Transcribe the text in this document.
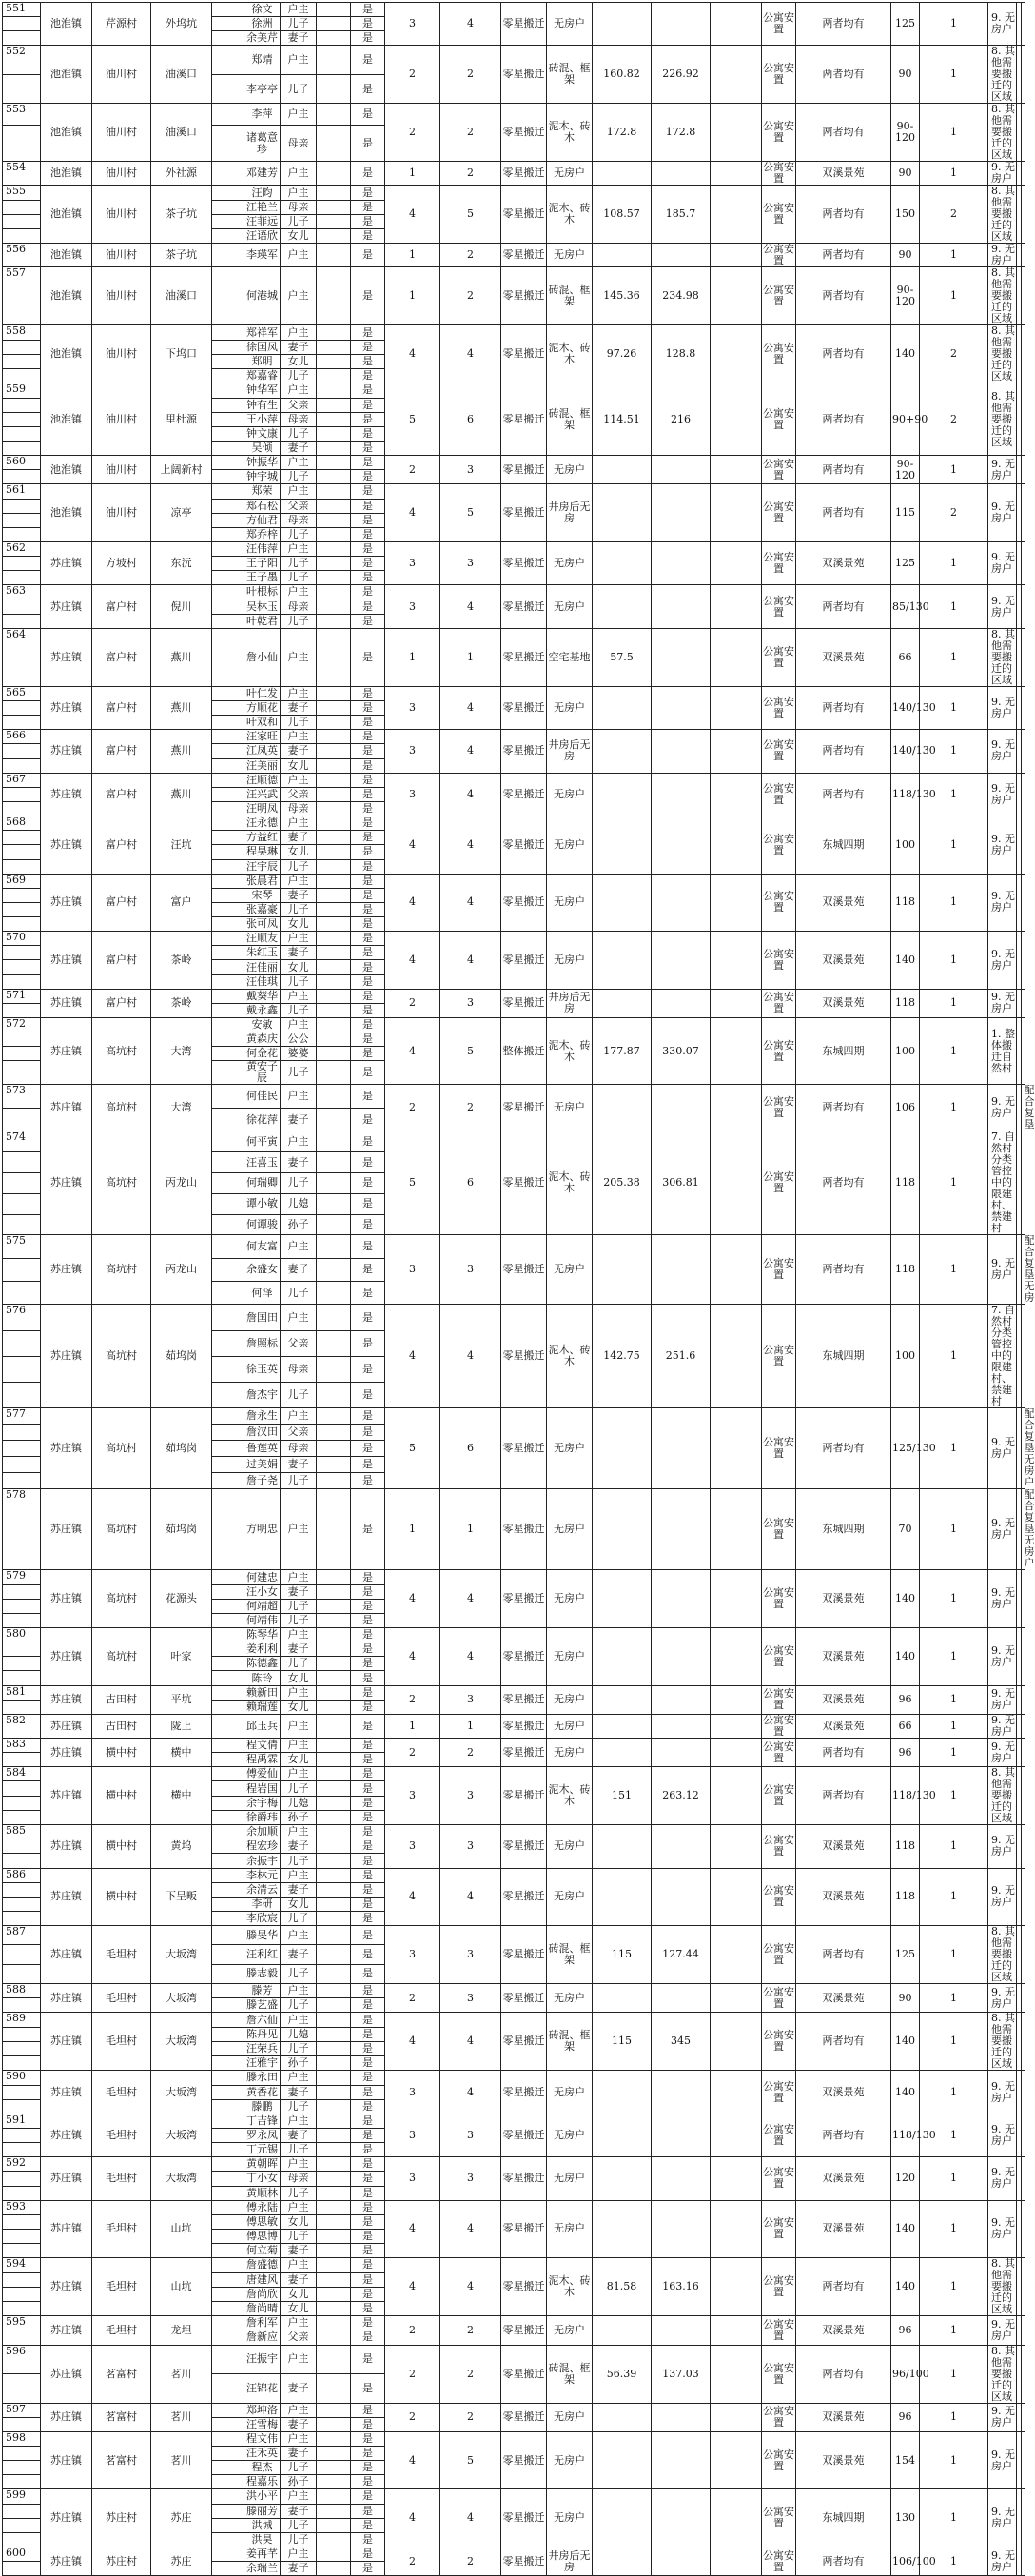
551	池淮镇	芹源村	外坞坑		徐文	户主		是	3	4	零星搬迁	无房户				公寓安置	两者均有	125	1	9. 无房户		
					徐洲	儿子		是														
					余美芹	妻子		是														
552	池淮镇	油川村	油溪口		郑靖	户主		是	2	2	零星搬迁	砖混、框架	160.82	226.92		公寓安置	两者均有	90	1	8. 其他需要搬迁的区域		
					李亭亭	儿子		是														
553	池淮镇	油川村	油溪口		李萍	户主		是	2	2	零星搬迁	泥木、砖木	172.8	172.8		公寓安置	两者均有	90-120	1	8. 其他需要搬迁的区域		
					诸葛意珍	母亲		是														
554	池淮镇	油川村	外社源		邓建芳	户主		是	1	2	零星搬迁	无房户				公寓安置	双溪景苑	90	1	9. 无房户		
555	池淮镇	油川村	茶子坑		汪昀	户主		是	4	5	零星搬迁	泥木、砖木	108.57	185.7		公寓安置	两者均有	150	2	8. 其他需要搬迁的区域		
					江艳兰	母亲		是														
					汪菲远	儿子		是														
					汪语欣	女儿		是														
556	池淮镇	油川村	茶子坑		李瑛军	户主		是	1	2	零星搬迁	无房户				公寓安置	两者均有	90	1	9. 无房户		
557	池淮镇	油川村	油溪口		何港城	户主		是	1	2	零星搬迁	砖混、框架	145.36	234.98		公寓安置	两者均有	90-120	1	8. 其他需要搬迁的区域		
558	池淮镇	油川村	下坞口		郑祥军	户主		是	4	4	零星搬迁	泥木、砖木	97.26	128.8		公寓安置	两者均有	140	2	8. 其他需要搬迁的区域		
					徐国凤	妻子		是														
					郑明	女儿		是														
					郑嘉睿	儿子		是														
559	池淮镇	油川村	里杜源		钟华军	户主		是	5	6	零星搬迁	砖混、框架	114.51	216		公寓安置	两者均有	90+90	2	8. 其他需要搬迁的区域		
					钟有生	父亲		是														
					王小萍	母亲		是														
					钟文康	儿子		是														
					吴倾	妻子		是														
560	池淮镇	油川村	上阔新村		钟振华	户主		是	2	3	零星搬迁	无房户				公寓安置	两者均有	90-120	1	9. 无房户		
					钟宇城	儿子		是														
561	池淮镇	油川村	凉亭		郑荣	户主		是	4	5	零星搬迁	井房后无房				公寓安置	两者均有	115	2	9. 无房户		
					郑石松	父亲		是														
					方仙君	母亲		是														
					郑乔梓	儿子		是														
562	苏庄镇	方坡村	东沅		汪伟萍	户主		是	3	3	零星搬迁	无房户				公寓安置	双溪景苑	125	1	9. 无房户		
					王子阳	儿子		是														
					王子墨	儿子		是														
563	苏庄镇	富户村	倪川		叶根标	户主		是	3	4	零星搬迁	无房户				公寓安置	两者均有	85/130	1	9. 无房户		
					吴林玉	母亲		是														
					叶乾君	儿子		是														
564	苏庄镇	富户村	燕川		詹小仙	户主		是	1	1	零星搬迁	空宅基地	57.5			公寓安置	双溪景苑	66	1	8. 其他需要搬迁的区域		
565	苏庄镇	富户村	燕川		叶仁发	户主		是	3	4	零星搬迁	无房户				公寓安置	两者均有	140/130	1	9. 无房户		
					方顺花	妻子		是														
					叶双和	儿子		是														
566	苏庄镇	富户村	燕川		汪家旺	户主		是	3	4	零星搬迁	井房后无房				公寓安置	两者均有	140/130	1	9. 无房户		
					江凤英	妻子		是														
					汪美丽	女儿		是														
567	苏庄镇	富户村	燕川		汪顺德	户主		是	3	4	零星搬迁	无房户				公寓安置	两者均有	118/130	1	9. 无房户		
					汪兴武	父亲		是														
					汪明凤	母亲		是														
568	苏庄镇	富户村	汪坑		汪永德	户主		是	4	4	零星搬迁	无房户				公寓安置	东城四期	100	1	9. 无房户		
					方益红	妻子		是														
					程昊琳	女儿		是														
					汪宇辰	儿子		是														
569	苏庄镇	富户村	富户		张晨君	户主		是	4	4	零星搬迁	无房户				公寓安置	双溪景苑	118	1	9. 无房户		
					宋琴	妻子		是														
					张嘉豪	儿子		是														
					张可凤	女儿		是														
570	苏庄镇	富户村	茶岭		汪顺友	户主		是	4	4	零星搬迁	无房户				公寓安置	双溪景苑	140	1	9. 无房户		
					朱红玉	妻子		是														
					汪佳丽	女儿		是														
					汪佳琪	儿子		是														
571	苏庄镇	富户村	茶岭		戴葵华	户主		是	2	3	零星搬迁	井房后无房				公寓安置	双溪景苑	118	1	9. 无房户		
					戴永鑫	儿子		是														
572	苏庄镇	高坑村	大湾		安敏	户主		是	4	5	整体搬迁	泥木、砖木	177.87	330.07		公寓安置	东城四期	100	1	1. 整体搬迁自然村		
					黄森庆	公公		是														
					何金花	婆婆		是														
					黄安子辰	儿子		是														
573	苏庄镇	高坑村	大湾		何佳民	户主		是	2	2	零星搬迁	无房户				公寓安置	两者均有	106	1	9. 无房户		配合复垦
					徐花萍	妻子		是														
574	苏庄镇	高坑村	丙龙山		何平寅	户主		是	5	6	零星搬迁	泥木、砖木	205.38	306.81		公寓安置	两者均有	118	1	7. 自然村分类管控中的限建村、禁建村		
					汪喜玉	妻子		是														
					何瑞卿	儿子		是														
					谭小敏	儿媳		是														
					何谭骏	孙子		是														
575	苏庄镇	高坑村	丙龙山		何友富	户主		是	3	3	零星搬迁	无房户				公寓安置	两者均有	118	1	9. 无房户		配合复垦无房
					余盛女	妻子		是														
					何泽	儿子		是														
576	苏庄镇	高坑村	茹坞岗		詹国田	户主		是	4	4	零星搬迁	泥木、砖木	142.75	251.6		公寓安置	东城四期	100	1	7. 自然村分类管控中的限建村、禁建村		
					詹照标	父亲		是														
					徐玉英	母亲		是														
					詹杰宇	儿子		是														
577	苏庄镇	高坑村	茹坞岗		詹永生	户主		是	5	6	零星搬迁	无房户				公寓安置	两者均有	125/130	1	9. 无房户		配合复垦无房户
					詹汉田	父亲		是														
					鲁莲英	母亲		是														
					过美娟	妻子		是														
					詹子尧	儿子		是														
578	苏庄镇	高坑村	茹坞岗		方明忠	户主		是	1	1	零星搬迁	无房户				公寓安置	东城四期	70	1	9. 无房户		配合复垦无房户
579	苏庄镇	高坑村	花源头		何建忠	户主		是	4	4	零星搬迁	无房户				公寓安置	双溪景苑	140	1	9. 无房户		
					汪小女	妻子		是														
					何靖超	儿子		是														
					何靖伟	儿子		是														
580	苏庄镇	高坑村	叶家		陈琴华	户主		是	4	4	零星搬迁	无房户				公寓安置	双溪景苑	140	1	9. 无房户		
					姜利利	妻子		是														
					陈德鑫	儿子		是														
					陈玲	女儿		是														
581	苏庄镇	古田村	平坑		赖新田	户主		是	2	3	零星搬迁	无房户				公寓安置	双溪景苑	96	1	9. 无房户		
					赖瑞莲	女儿		是														
582	苏庄镇	古田村	陇上		邱玉兵	户主		是	1	1	零星搬迁	无房户				公寓安置	双溪景苑	66	1	9. 无房户		
583	苏庄镇	横中村	横中		程文倩	户主		是	2	2	零星搬迁	无房户				公寓安置	两者均有	96	1	9. 无房户		
					程禹霖	女儿		是														
584	苏庄镇	横中村	横中		傅爱仙	户主		是	3	3	零星搬迁	泥木、砖木	151	263.12		公寓安置	两者均有	118/130	1	8. 其他需要搬迁的区域		
					程岩国	儿子		是														
					余宇梅	儿媳		是														
					徐爵玮	孙子		是														
585	苏庄镇	横中村	黄坞		余加顺	户主		是	3	3	零星搬迁	无房户				公寓安置	双溪景苑	118	1	9. 无房户		
					程宏珍	妻子		是														
					余振宇	儿子		是														
586	苏庄镇	横中村	下呈畈		李林元	户主		是	4	4	零星搬迁	无房户				公寓安置	双溪景苑	118	1	9. 无房户		
					余清云	妻子		是														
					李研	女儿		是														
					李欣宸	儿子		是														
587	苏庄镇	毛坦村	大坂湾		滕旻华	户主		是	3	3	零星搬迁	砖混、框架	115	127.44		公寓安置	两者均有	125	1	8. 其他需要搬迁的区域		
					汪利红	妻子		是														
					滕志毅	儿子		是														
588	苏庄镇	毛坦村	大坂湾		滕芳	户主		是	2	3	零星搬迁	无房户				公寓安置	双溪景苑	90	1	9. 无房户		
					滕艺盛	儿子		是														
589	苏庄镇	毛坦村	大坂湾		詹六仙	户主		是	4	4	零星搬迁	砖混、框架	115	345		公寓安置	两者均有	140	1	8. 其他需要搬迁的区域		
					陈丹见	儿媳		是														
					汪荣兵	儿子		是														
					汪雅宇	孙子		是														
590	苏庄镇	毛坦村	大坂湾		滕永田	户主		是	3	4	零星搬迁	无房户				公寓安置	双溪景苑	140	1	9. 无房户		
					黄香花	妻子		是														
					滕鹏	儿子		是														
591	苏庄镇	毛坦村	大坂湾		丁吉锋	户主		是	3	3	零星搬迁	无房户				公寓安置	两者均有	118/130	1	9. 无房户		
					罗永凤	妻子		是														
					丁元锡	儿子		是														
592	苏庄镇	毛坦村	大坂湾		黄朝晖	户主		是	3	3	零星搬迁	无房户				公寓安置	双溪景苑	120	1	9. 无房户		
					丁小女	母亲		是														
					黄顺林	儿子		是														
593	苏庄镇	毛坦村	山坑		傅永陆	户主		是	4	4	零星搬迁	无房户				公寓安置	双溪景苑	140	1	9. 无房户		
					傅思敏	女儿		是														
					傅思博	儿子		是														
					何立菊	妻子		是														
594	苏庄镇	毛坦村	山坑		詹盛德	户主		是	4	4	零星搬迁	泥木、砖木	81.58	163.16		公寓安置	两者均有	140	1	8. 其他需要搬迁的区域		
					唐建风	妻子		是														
					詹尚欣	女儿		是														
					詹尚晴	女儿		是														
595	苏庄镇	毛坦村	龙坦		詹利军	户主		是	2	2	零星搬迁	无房户				公寓安置	双溪景苑	96	1	9. 无房户		
					詹新应	父亲		是														
596	苏庄镇	茗富村	茗川		汪振宇	户主		是	2	2	零星搬迁	砖混、框架	56.39	137.03		公寓安置	两者均有	96/100	1	8. 其他需要搬迁的区域		
					汪锦花	妻子		是														
597	苏庄镇	茗富村	茗川		郑坤洛	户主		是	2	2	零星搬迁	无房户				公寓安置	双溪景苑	96	1	9. 无房户		
					汪雪梅	妻子		是														
598	苏庄镇	茗富村	茗川		程文伟	户主		是	4	5	零星搬迁	无房户				公寓安置	双溪景苑	154	1	9. 无房户		
					汪禾英	妻子		是														
					程杰	儿子		是														
					程嘉乐	孙子		是														
599	苏庄镇	苏庄村	苏庄		洪小平	户主		是	4	4	零星搬迁	无房户				公寓安置	东城四期	130	1	9. 无房户		
					滕丽芳	妻子		是														
					洪城	儿子		是														
					洪昊	儿子		是														
600	苏庄镇	苏庄村	苏庄		姜再芊	户主		是	2	2	零星搬迁	井房后无房				公寓安置	两者均有	106/100	1	9. 无房户		
					余瑞兰	妻子		是														
